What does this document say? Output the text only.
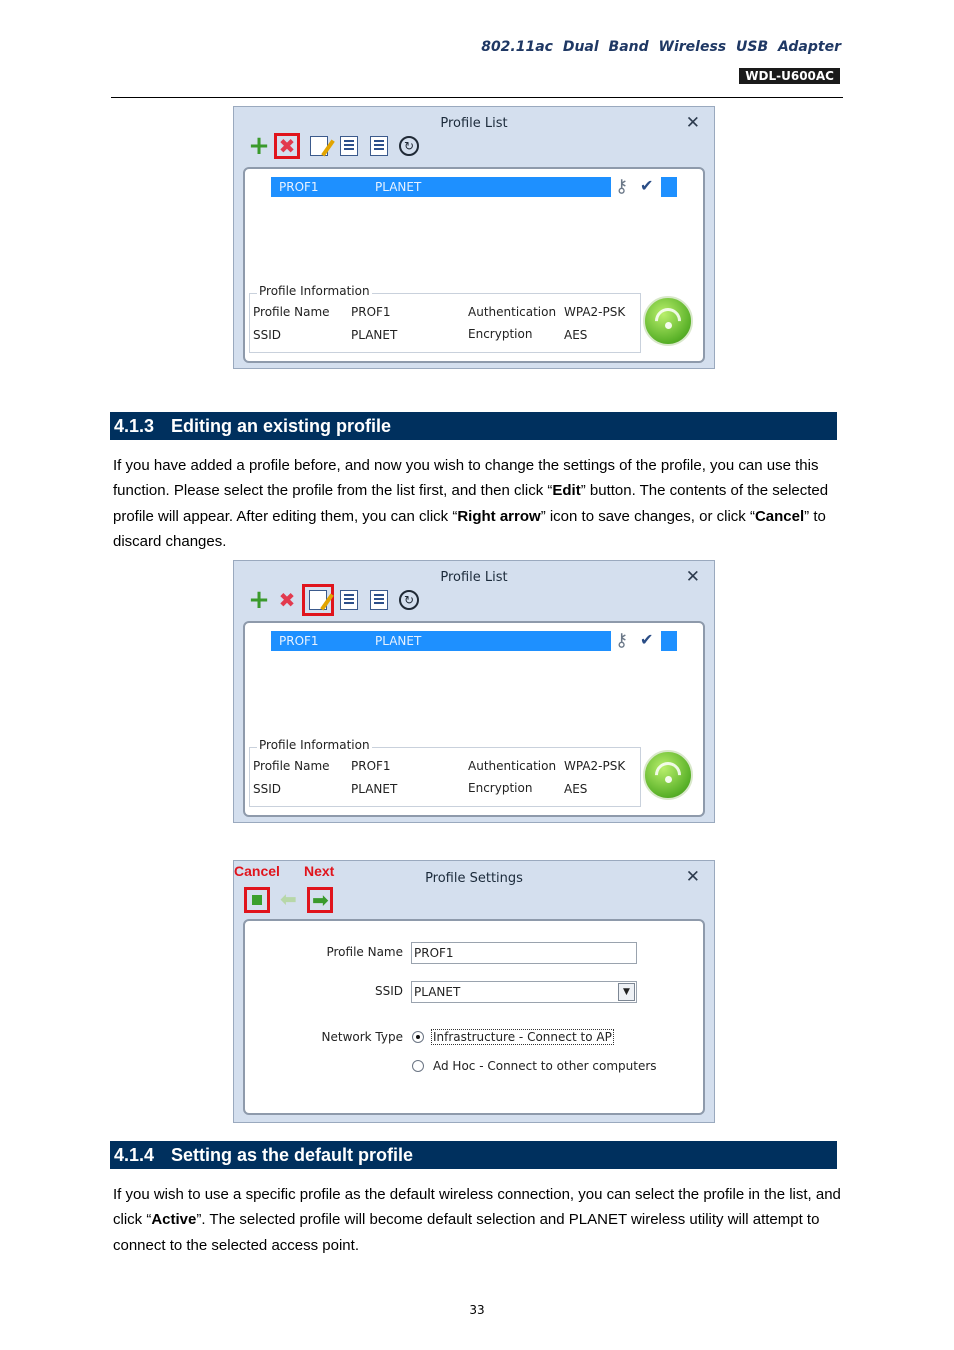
802.11ac Dual Band Wireless USB Adapter
WDL-U600AC
Profile List	✕
+ ✖	↻
PROF1	PLANET	⚷ ✔
Profile Information
Profile Name PROF1	Authentication WPA2-PSK
SSID	PLANET	Encryption	AES
4.1.3 Editing an existing profile
If you have added a profile before, and now you wish to change the settings of the profile, you can use this function. Please select the profile from the list first, and then click “Edit” button. The contents of the selected profile will appear. After editing them, you can click “Right arrow” icon to save changes, or click “Cancel” to discard changes.
Profile List	✕
+ ✖	↻
PROF1	PLANET	⚷ ✔
Profile Information
Profile Name PROF1	Authentication WPA2-PSK
SSID	PLANET	Encryption	AES
Cancel Next	Profile Settings	✕
⬅ ➡
Profile Name PROF1
SSID PLANET	▼
Network Type	Infrastructure - Connect to AP
Ad Hoc - Connect to other computers
4.1.4 Setting as the default profile
If you wish to use a specific profile as the default wireless connection, you can select the profile in the list, and click “Active”. The selected profile will become default selection and PLANET wireless utility will attempt to connect to the selected access point.
33
